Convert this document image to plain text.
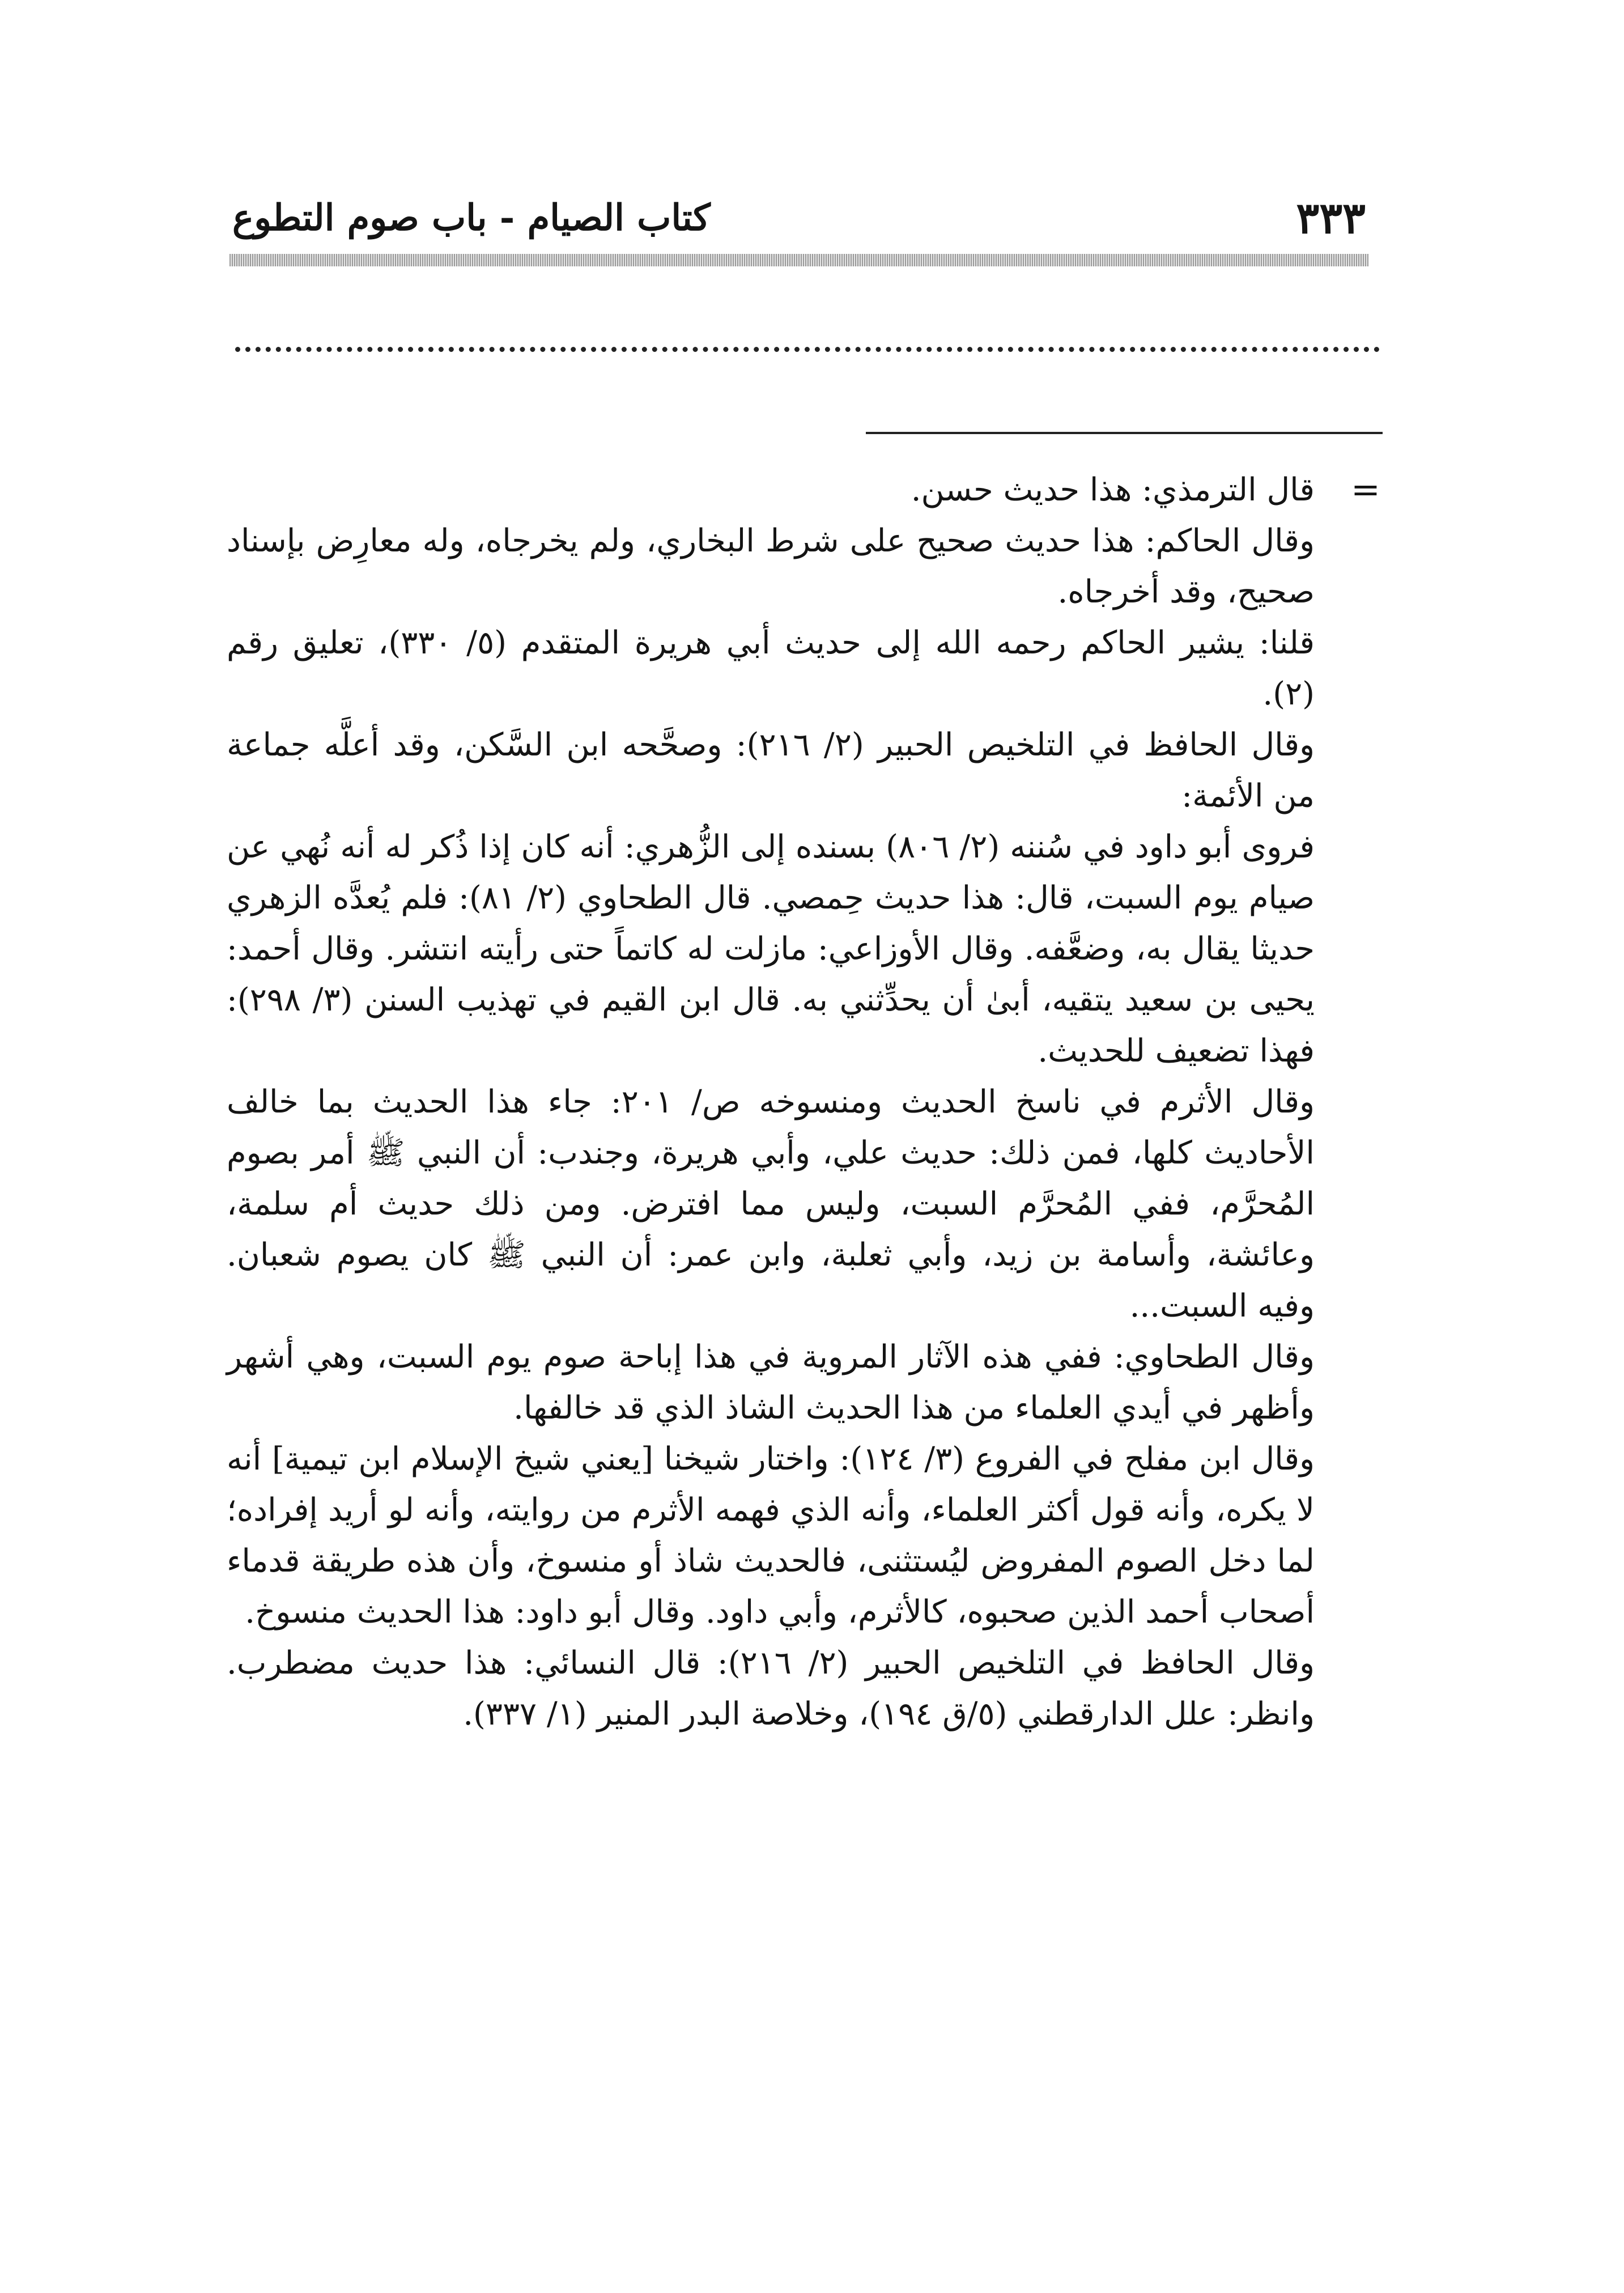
٣٣٣
كتاب الصيام - باب صوم التطوع
=

قال الترمذي: هذا حديث حسن.

وقال الحاكم: هذا حديث صحيح على شرط البخاري، ولم يخرجاه، وله معارِض بإسناد صحيح، وقد أخرجاه.

قلنا: يشير الحاكم رحمه الله إلى حديث أبي هريرة المتقدم (٥/ ٣٣٠)، تعليق رقم (٢).

وقال الحافظ في التلخيص الحبير (٢/ ٢١٦): وصحَّحه ابن السَّكن، وقد أعلَّه جماعة من الأئمة:

فروى أبو داود في سُننه (٢/ ٨٠٦) بسنده إلى الزُّهري: أنه كان إذا ذُكر له أنه نُهي عن صيام يوم السبت، قال: هذا حديث حِمصي. قال الطحاوي (٢/ ٨١): فلم يُعدَّه الزهري حديثا يقال به، وضعَّفه. وقال الأوزاعي: مازلت له كاتماً حتى رأيته انتشر. وقال أحمد: يحيى بن سعيد يتقيه، أبىٰ أن يحدِّثني به. قال ابن القيم في تهذيب السنن (٣/ ٢٩٨): فهذا تضعيف للحديث.

وقال الأثرم في ناسخ الحديث ومنسوخه ص/ ٢٠١: جاء هذا الحديث بما خالف الأحاديث كلها، فمن ذلك: حديث علي، وأبي هريرة، وجندب: أن النبي ﷺ أمر بصوم المُحرَّم، ففي المُحرَّم السبت، وليس مما افترض. ومن ذلك حديث أم سلمة، وعائشة، وأسامة بن زيد، وأبي ثعلبة، وابن عمر: أن النبي ﷺ كان يصوم شعبان. وفيه السبت...

وقال الطحاوي: ففي هذه الآثار المروية في هذا إباحة صوم يوم السبت، وهي أشهر وأظهر في أيدي العلماء من هذا الحديث الشاذ الذي قد خالفها.

وقال ابن مفلح في الفروع (٣/ ١٢٤): واختار شيخنا [يعني شيخ الإسلام ابن تيمية] أنه لا يكره، وأنه قول أكثر العلماء، وأنه الذي فهمه الأثرم من روايته، وأنه لو أريد إفراده؛ لما دخل الصوم المفروض ليُستثنى، فالحديث شاذ أو منسوخ، وأن هذه طريقة قدماء أصحاب أحمد الذين صحبوه، كالأثرم، وأبي داود. وقال أبو داود: هذا الحديث منسوخ.

وقال الحافظ في التلخيص الحبير (٢/ ٢١٦): قال النسائي: هذا حديث مضطرب. وانظر: علل الدارقطني (٥/ق ١٩٤)، وخلاصة البدر المنير (١/ ٣٣٧).
